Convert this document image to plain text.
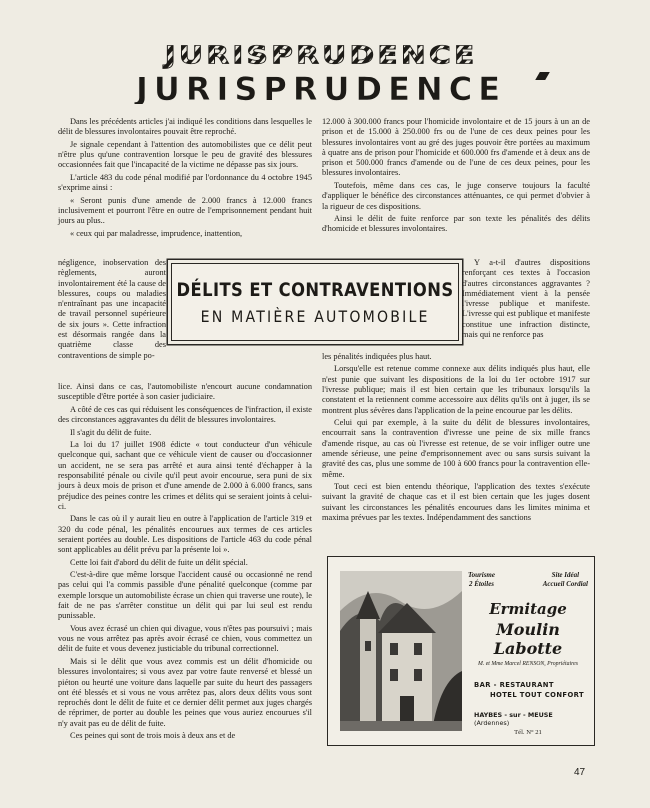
JURISPRUDENCE
JURISPRUDENCE

Dans les précédents articles j'ai indiqué les conditions dans lesquelles le délit de blessures involontaires pouvait être reproché.

Je signale cependant à l'attention des automobilistes que ce délit peut n'être plus qu'une contravention lorsque le peu de gravité des blessures occasionnées fait que l'incapacité de la victime ne dépasse pas six jours.

L'article 483 du code pénal modifié par l'ordonnance du 4 octobre 1945 s'exprime ainsi :

« Seront punis d'une amende de 2.000 francs à 12.000 francs inclusivement et pourront l'être en outre de l'emprisonnement pendant huit jours au plus..

« ceux qui par maladresse, imprudence, inattention,

négligence, inobservation des règlements, auront involontairement été la cause de blessures, coups ou maladies n'entraînant pas une incapacité de travail personnel supérieure de six jours ». Cette infraction est désormais rangée dans la quatrième classe des contraventions de simple po-

DÉLITS ET CONTRAVENTIONS
EN MATIÈRE AUTOMOBILE

lice. Ainsi dans ce cas, l'automobiliste n'encourt aucune condamnation susceptible d'être portée à son casier judiciaire.

A côté de ces cas qui réduisent les conséquences de l'infraction, il existe des circonstances aggravantes du délit de blessures involontaires.

Il s'agit du délit de fuite.

La loi du 17 juillet 1908 édicte « tout conducteur d'un véhicule quelconque qui, sachant que ce véhicule vient de causer ou d'occasionner un accident, ne se sera pas arrêté et aura ainsi tenté d'échapper à la responsabilité pénale ou civile qu'il peut avoir encourue, sera puni de six jours à deux mois de prison et d'une amende de 2.000 à 6.000 francs, sans préjudice des peines contre les crimes et délits qui se seraient joints à celui-ci.

Dans le cas où il y aurait lieu en outre à l'application de l'article 319 et 320 du code pénal, les pénalités encourues aux termes de ces articles seraient portées au double. Les dispositions de l'article 463 du code pénal sont applicables au délit prévu par la présente loi ».

Cette loi fait d'abord du délit de fuite un délit spécial.

C'est-à-dire que même lorsque l'accident causé ou occasionné ne rend pas celui qui l'a commis passible d'une pénalité quelconque (comme par exemple lorsque un automobiliste écrase un chien qui traverse une route), le fait de ne pas s'arrêter constitue un délit qui par lui seul est rendu punissable.

Vous avez écrasé un chien qui divague, vous n'êtes pas poursuivi ; mais vous ne vous arrêtez pas après avoir écrasé ce chien, vous commettez un délit de fuite et vous devenez justiciable du tribunal correctionnel.

Mais si le délit que vous avez commis est un délit d'homicide ou blessures involontaires; si vous avez par votre faute renversé et blessé un piéton ou heurté une voiture dans laquelle par suite du heurt des passagers ont été blessés et si vous ne vous arrêtez pas, alors deux délits vous sont reprochés dont le délit de fuite et ce dernier délit permet aux juges chargés de réprimer, de porter au double les peines que vous auriez encourues s'il n'y avait pas eu de délit de fuite.

Ces peines qui sont de trois mois à deux ans et de

12.000 à 300.000 francs pour l'homicide involontaire et de 15 jours à un an de prison et de 15.000 à 250.000 frs ou de l'une de ces deux peines pour les blessures involontaires vont au gré des juges pouvoir être portées au maximum à quatre ans de prison pour l'homicide et 600.000 frs d'amende et à deux ans de prison et 500.000 francs d'amende ou de l'une de ces deux peines, pour les blessures involontaires.

Toutefois, même dans ces cas, le juge conserve toujours la faculté d'appliquer le bénéfice des circonstances atténuantes, ce qui permet d'obvier à la rigueur de ces dispositions.

Ainsi le délit de fuite renforce par son texte les pénalités des délits d'homicide et blessures involontaires.

Y a-t-il d'autres dispositions renforçant ces textes à l'occasion d'autres circonstances aggravantes ? Immédiatement vient à la pensée l'ivresse publique et manifeste. L'ivresse qui est publique et manifeste constitue une infraction distincte, mais qui ne renforce pas

les pénalités indiquées plus haut.

Lorsqu'elle est retenue comme connexe aux délits indiqués plus haut, elle n'est punie que suivant les dispositions de la loi du 1er octobre 1917 sur l'ivresse publique; mais il est bien certain que les tribunaux lorsqu'ils la constatent et la retiennent comme accessoire aux délits qu'ils ont à juger, ils se montrent plus sévères dans l'application de la peine encourue par les délits.

Celui qui par exemple, à la suite du délit de blessures involontaires, encourrait sans la contravention d'ivresse une peine de six mille francs d'amende risque, au cas où l'ivresse est retenue, de se voir infliger outre une amende sérieuse, une peine d'emprisonnement avec ou sans sursis suivant la gravité des cas, plus une somme de 100 à 600 francs pour la contravention elle-même.

Tout ceci est bien entendu théorique, l'application des textes s'exécute suivant la gravité de chaque cas et il est bien certain que les juges dosent suivant les circonstances les pénalités encourues dans les limites minima et maxima prévues par les textes. Indépendamment des sanctions

Tourisme
2 Étoiles
Site Idéal
Accueil Cordial
Ermitage
Moulin Labotte
M. et Mme Marcel RENSON, Propriétaires
BAR - RESTAURANT
HOTEL TOUT CONFORT
HAYBES - sur - MEUSE (Ardennes)
Tél. N° 21
47
